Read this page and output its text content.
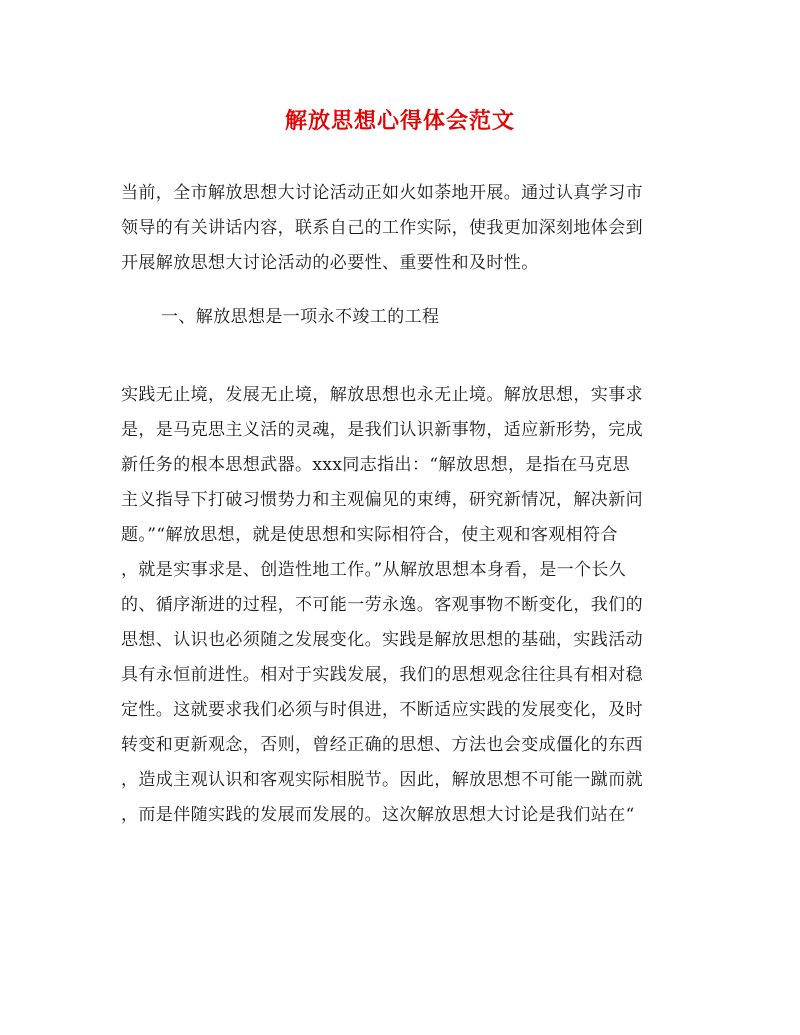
解放思想心得体会范文
当前，全市解放思想大讨论活动正如火如荼地开展。通过认真学习市
领导的有关讲话内容，联系自己的工作实际，使我更加深刻地体会到
开展解放思想大讨论活动的必要性、重要性和及时性。
一、解放思想是一项永不竣工的工程
实践无止境，发展无止境，解放思想也永无止境。解放思想，实事求
是，是马克思主义活的灵魂，是我们认识新事物，适应新形势，完成
新任务的根本思想武器。xxx同志指出：“解放思想，是指在马克思
主义指导下打破习惯势力和主观偏见的束缚，研究新情况，解决新问
题。”“解放思想，就是使思想和实际相符合，使主观和客观相符合
，就是实事求是、创造性地工作。”从解放思想本身看，是一个长久
的、循序渐进的过程，不可能一劳永逸。客观事物不断变化，我们的
思想、认识也必须随之发展变化。实践是解放思想的基础，实践活动
具有永恒前进性。相对于实践发展，我们的思想观念往往具有相对稳
定性。这就要求我们必须与时俱进，不断适应实践的发展变化，及时
转变和更新观念，否则，曾经正确的思想、方法也会变成僵化的东西
，造成主观认识和客观实际相脱节。因此，解放思想不可能一蹴而就
，而是伴随实践的发展而发展的。这次解放思想大讨论是我们站在“
